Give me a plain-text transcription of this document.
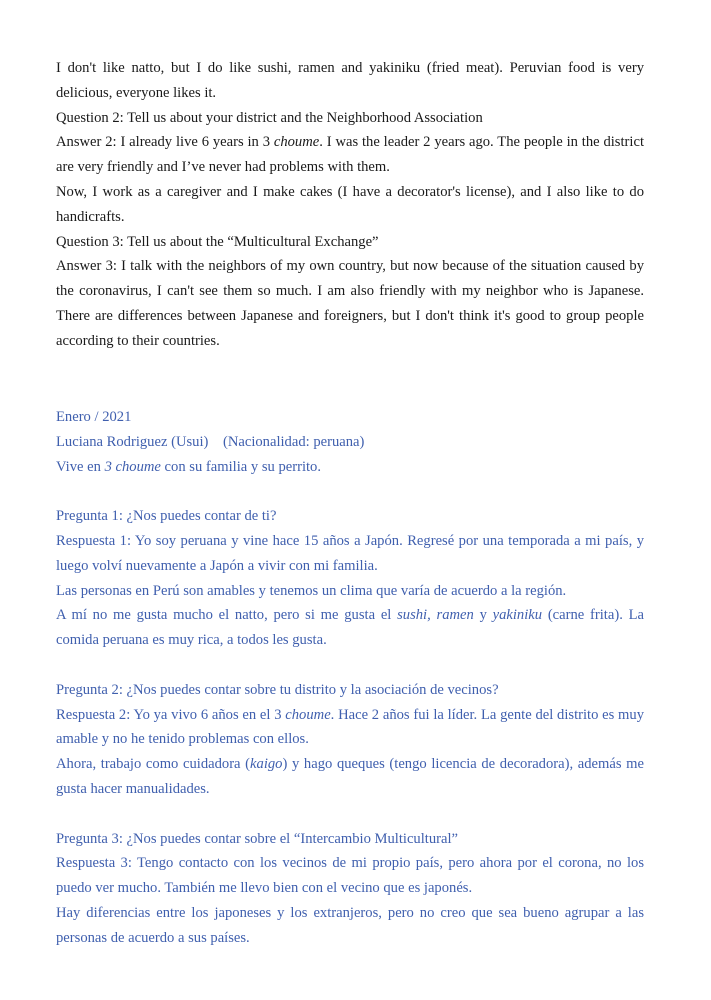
I don't like natto, but I do like sushi, ramen and yakiniku (fried meat). Peruvian food is very delicious, everyone likes it.

Question 2: Tell us about your district and the Neighborhood Association

Answer 2: I already live 6 years in 3 choume. I was the leader 2 years ago. The people in the district are very friendly and I’ve never had problems with them.

Now, I work as a caregiver and I make cakes (I have a decorator's license), and I also like to do handicrafts.

Question 3: Tell us about the “Multicultural Exchange”

Answer 3: I talk with the neighbors of my own country, but now because of the situation caused by the coronavirus, I can't see them so much. I am also friendly with my neighbor who is Japanese. There are differences between Japanese and foreigners, but I don't think it's good to group people according to their countries.

Enero / 2021

Luciana Rodriguez (Usui)　(Nacionalidad: peruana)

Vive en 3 choume con su familia y su perrito.

Pregunta 1: ¿Nos puedes contar de ti?

Respuesta 1: Yo soy peruana y vine hace 15 años a Japón. Regresé por una temporada a mi país, y luego volví nuevamente a Japón a vivir con mi familia.

Las personas en Perú son amables y tenemos un clima que varía de acuerdo a la región.

A mí no me gusta mucho el natto, pero si me gusta el sushi, ramen y yakiniku (carne frita). La comida peruana es muy rica, a todos les gusta.

Pregunta 2: ¿Nos puedes contar sobre tu distrito y la asociación de vecinos?

Respuesta 2: Yo ya vivo 6 años en el 3 choume. Hace 2 años fui la líder. La gente del distrito es muy amable y no he tenido problemas con ellos.

Ahora, trabajo como cuidadora (kaigo) y hago queques (tengo licencia de decoradora), además me gusta hacer manualidades.

Pregunta 3: ¿Nos puedes contar sobre el “Intercambio Multicultural”

Respuesta 3: Tengo contacto con los vecinos de mi propio país, pero ahora por el corona, no los puedo ver mucho. También me llevo bien con el vecino que es japonés.

Hay diferencias entre los japoneses y los extranjeros, pero no creo que sea bueno agrupar a las personas de acuerdo a sus países.
